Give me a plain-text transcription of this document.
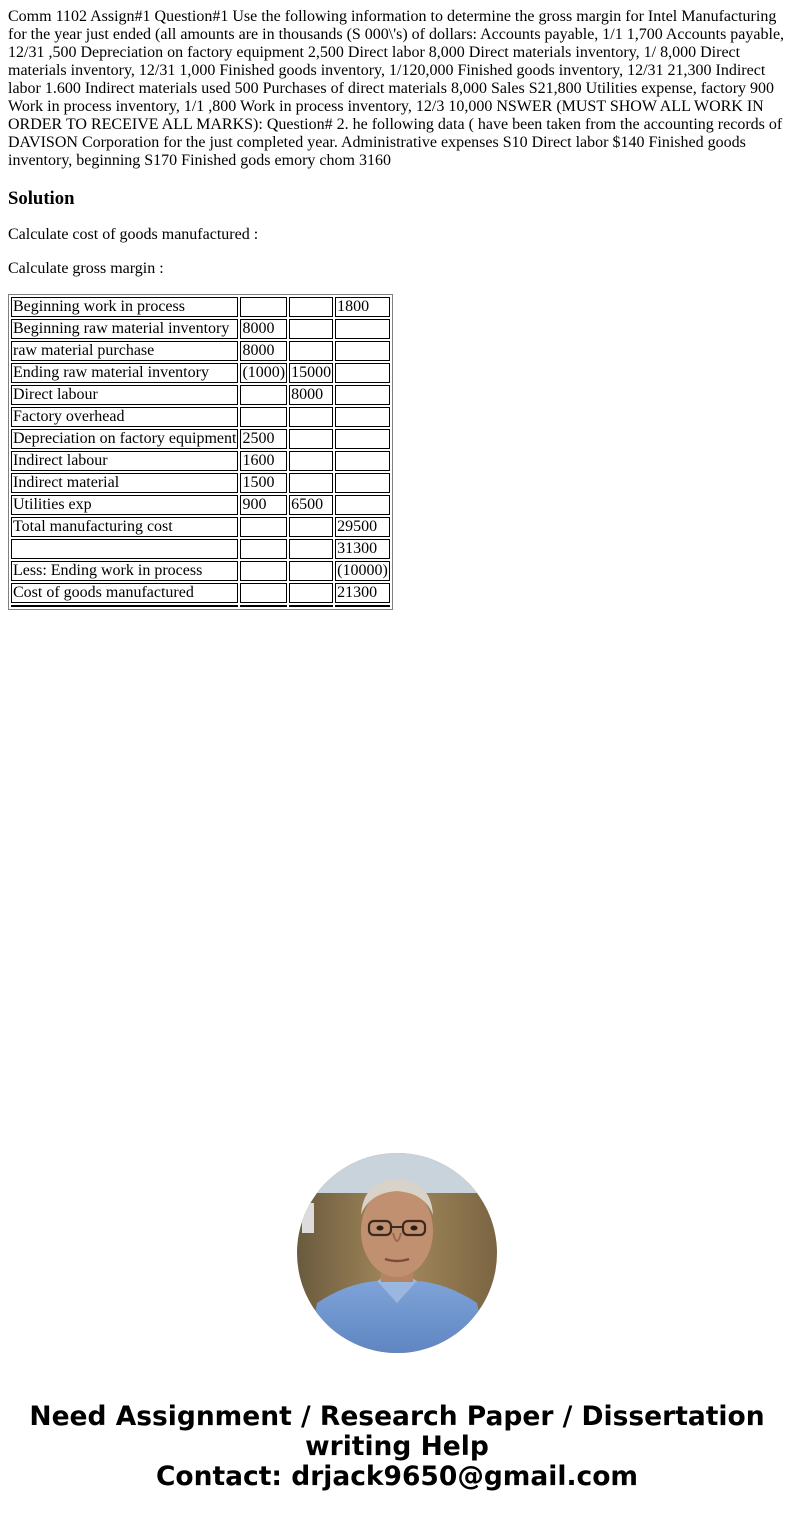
Comm 1102 Assign#1 Question#1 Use the following information to determine the gross margin for Intel Manufacturing for the year just ended (all amounts are in thousands (S 000\'s) of dollars: Accounts payable, 1/1 1,700 Accounts payable, 12/31 ,500 Depreciation on factory equipment 2,500 Direct labor 8,000 Direct materials inventory, 1/ 8,000 Direct materials inventory, 12/31 1,000 Finished goods inventory, 1/120,000 Finished goods inventory, 12/31 21,300 Indirect labor 1.600 Indirect materials used 500 Purchases of direct materials 8,000 Sales S21,800 Utilities expense, factory 900 Work in process inventory, 1/1 ,800 Work in process inventory, 12/3 10,000 NSWER (MUST SHOW ALL WORK IN ORDER TO RECEIVE ALL MARKS): Question# 2. he following data ( have been taken from the accounting records of DAVISON Corporation for the just completed year. Administrative expenses S10 Direct labor $140 Finished goods inventory, beginning S170 Finished gods emory chom 3160

Solution

Calculate cost of goods manufactured :

Calculate gross margin :

Beginning work in process			1800
Beginning raw material inventory	8000		
raw material purchase	8000		
Ending raw material inventory	(1000)	15000	
Direct labour		8000	
Factory overhead			
Depreciation on factory equipment	2500		
Indirect labour	1600		
Indirect material	1500		
Utilities exp	900	6500	
Total manufacturing cost			29500
			31300
Less: Ending work in process			(10000)
Cost of goods manufactured			21300

Need Assignment / Research Paper / Dissertation
writing Help
Contact: drjack9650@gmail.com
